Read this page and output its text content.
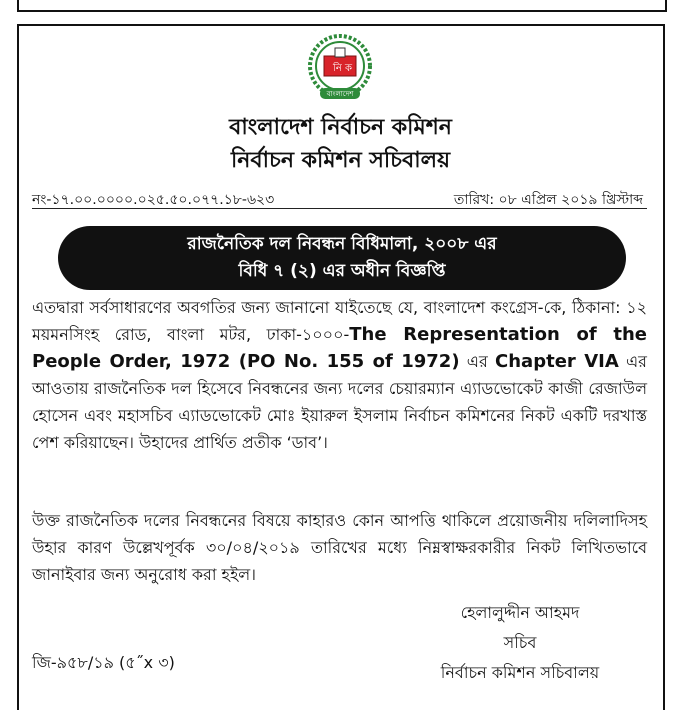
নি ক
বাংলাদেশ
বাংলাদেশ নির্বাচন কমিশন
নির্বাচন কমিশন সচিবালয়
নং-১৭.০০.০০০০.০২৫.৫০.০৭৭.১৮-৬২৩	তারিখ: ০৮ এপ্রিল ২০১৯ খ্রিস্টাব্দ
রাজনৈতিক দল নিবন্ধন বিধিমালা, ২০০৮ এর
বিধি ৭ (২) এর অধীন বিজ্ঞপ্তি
এতদ্বারা সর্বসাধারণের অবগতির জন্য জানানো যাইতেছে যে, বাংলাদেশ কংগ্রেস-কে, ঠিকানা: ১২ ময়মনসিংহ রোড, বাংলা মটর, ঢাকা-১০০০-The Representation of the People Order, 1972 (PO No. 155 of 1972) এর Chapter VIA এর আওতায় রাজনৈতিক দল হিসেবে নিবন্ধনের জন্য দলের চেয়ারম্যান এ্যাডভোকেট কাজী রেজাউল হোসেন এবং মহাসচিব এ্যাডভোকেট মোঃ ইয়ারুল ইসলাম নির্বাচন কমিশনের নিকট একটি দরখাস্ত পেশ করিয়াছেন। উহাদের প্রার্থিত প্রতীক ‘ডাব’।
উক্ত রাজনৈতিক দলের নিবন্ধনের বিষয়ে কাহারও কোন আপত্তি থাকিলে প্রয়োজনীয় দলিলাদিসহ উহার কারণ উল্লেখপূর্বক ৩০/০৪/২০১৯ তারিখের মধ্যে নিম্নস্বাক্ষরকারীর নিকট লিখিতভাবে জানাইবার জন্য অনুরোধ করা হইল।
হেলালুদ্দীন আহমদ
সচিব
নির্বাচন কমিশন সচিবালয়
জি-৯৫৮/১৯ (৫˝x ৩)
